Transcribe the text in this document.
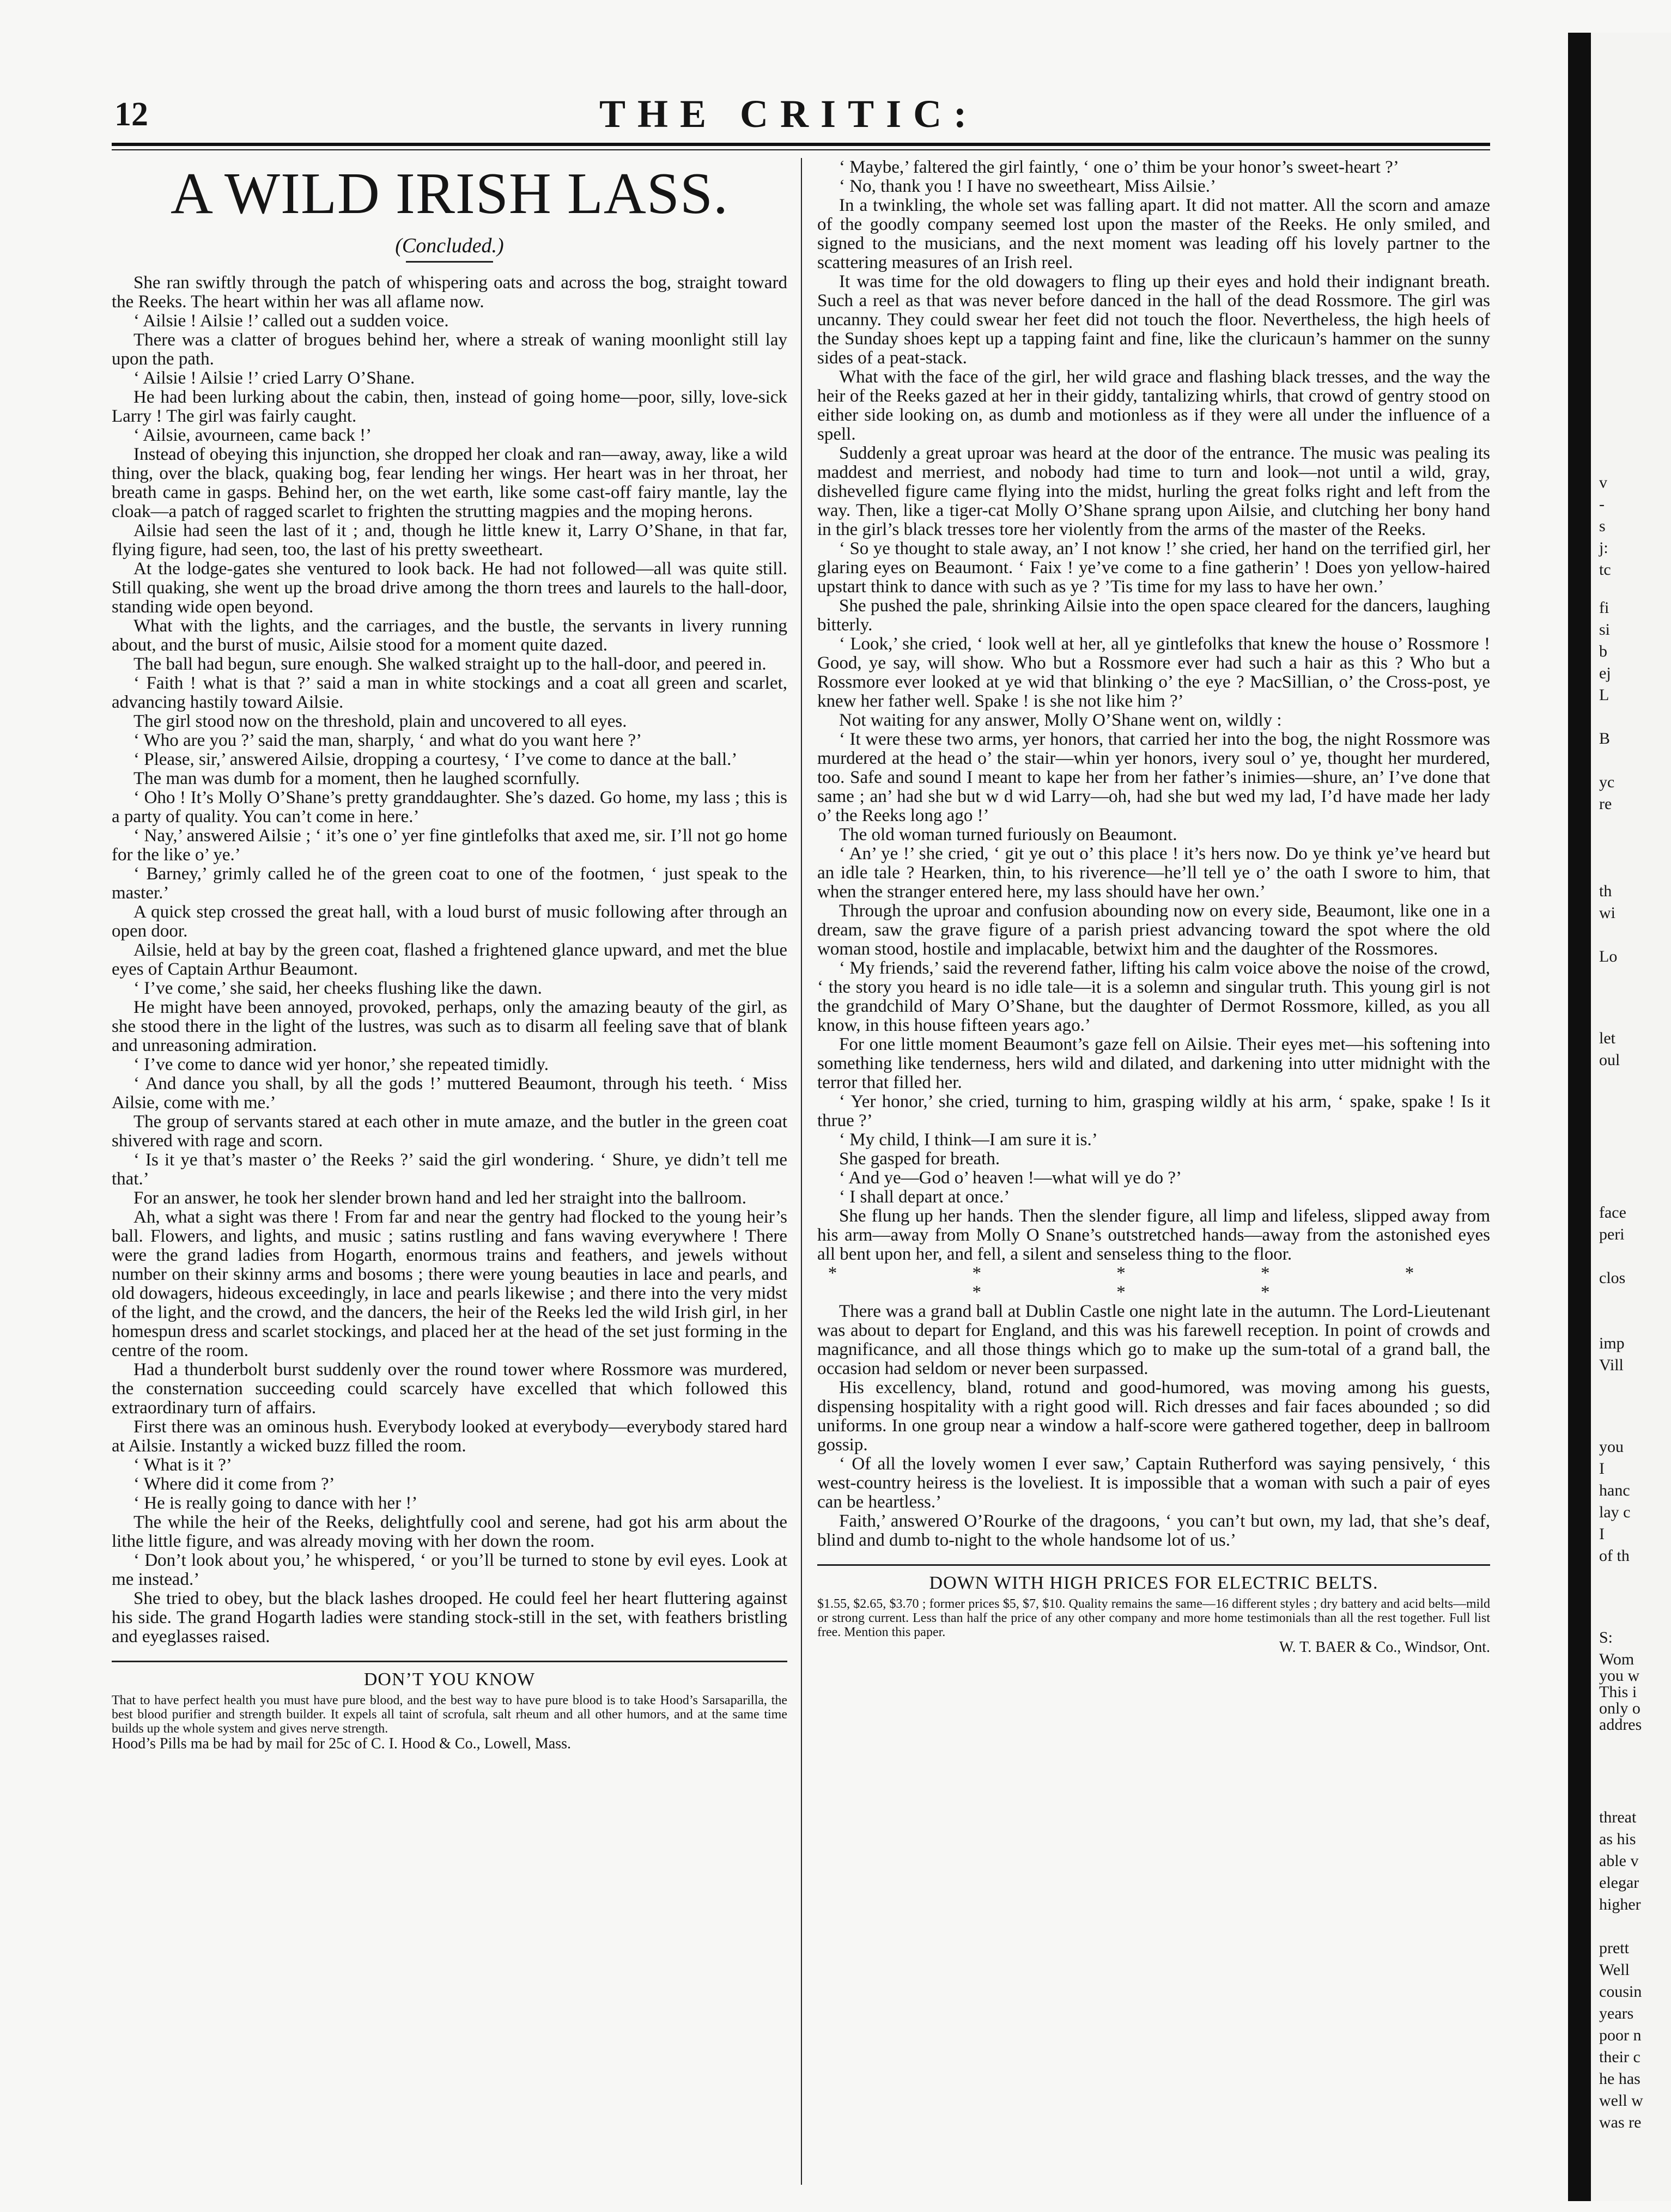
12	THE CRITIC:
A WILD IRISH LASS.
(Concluded.)

She ran swiftly through the patch of whispering oats and across the bog, straight toward the Reeks. The heart within her was all aflame now.

‘ Ailsie ! Ailsie !’ called out a sudden voice.

There was a clatter of brogues behind her, where a streak of waning moonlight still lay upon the path.

‘ Ailsie ! Ailsie !’ cried Larry O’Shane.

He had been lurking about the cabin, then, instead of going home—poor, silly, love-sick Larry ! The girl was fairly caught.

‘ Ailsie, avourneen, came back !’

Instead of obeying this injunction, she dropped her cloak and ran—away, away, like a wild thing, over the black, quaking bog, fear lending her wings. Her heart was in her throat, her breath came in gasps. Behind her, on the wet earth, like some cast-off fairy mantle, lay the cloak—a patch of ragged scarlet to frighten the strutting magpies and the moping herons.

Ailsie had seen the last of it ; and, though he little knew it, Larry O’Shane, in that far, flying figure, had seen, too, the last of his pretty sweetheart.

At the lodge-gates she ventured to look back. He had not followed—all was quite still. Still quaking, she went up the broad drive among the thorn trees and laurels to the hall-door, standing wide open beyond.

What with the lights, and the carriages, and the bustle, the servants in livery running about, and the burst of music, Ailsie stood for a moment quite dazed.

The ball had begun, sure enough. She walked straight up to the hall-door, and peered in.

‘ Faith ! what is that ?’ said a man in white stockings and a coat all green and scarlet, advancing hastily toward Ailsie.

The girl stood now on the threshold, plain and uncovered to all eyes.

‘ Who are you ?’ said the man, sharply, ‘ and what do you want here ?’

‘ Please, sir,’ answered Ailsie, dropping a courtesy, ‘ I’ve come to dance at the ball.’

The man was dumb for a moment, then he laughed scornfully.

‘ Oho ! It’s Molly O’Shane’s pretty granddaughter. She’s dazed. Go home, my lass ; this is a party of quality. You can’t come in here.’

‘ Nay,’ answered Ailsie ; ‘ it’s one o’ yer fine gintlefolks that axed me, sir. I’ll not go home for the like o’ ye.’

‘ Barney,’ grimly called he of the green coat to one of the footmen, ‘ just speak to the master.’

A quick step crossed the great hall, with a loud burst of music following after through an open door.

Ailsie, held at bay by the green coat, flashed a frightened glance upward, and met the blue eyes of Captain Arthur Beaumont.

‘ I’ve come,’ she said, her cheeks flushing like the dawn.

He might have been annoyed, provoked, perhaps, only the amazing beauty of the girl, as she stood there in the light of the lustres, was such as to disarm all feeling save that of blank and unreasoning admiration.

‘ I’ve come to dance wid yer honor,’ she repeated timidly.

‘ And dance you shall, by all the gods !’ muttered Beaumont, through his teeth. ‘ Miss Ailsie, come with me.’

The group of servants stared at each other in mute amaze, and the butler in the green coat shivered with rage and scorn.

‘ Is it ye that’s master o’ the Reeks ?’ said the girl wondering. ‘ Shure, ye didn’t tell me that.’

For an answer, he took her slender brown hand and led her straight into the ballroom.

Ah, what a sight was there ! From far and near the gentry had flocked to the young heir’s ball. Flowers, and lights, and music ; satins rustling and fans waving everywhere ! There were the grand ladies from Hogarth, enormous trains and feathers, and jewels without number on their skinny arms and bosoms ; there were young beauties in lace and pearls, and old dowagers, hideous exceedingly, in lace and pearls likewise ; and there into the very midst of the light, and the crowd, and the dancers, the heir of the Reeks led the wild Irish girl, in her homespun dress and scarlet stockings, and placed her at the head of the set just forming in the centre of the room.

Had a thunderbolt burst suddenly over the round tower where Rossmore was murdered, the consternation succeeding could scarcely have excelled that which followed this extraordinary turn of affairs.

First there was an ominous hush. Everybody looked at everybody—everybody stared hard at Ailsie. Instantly a wicked buzz filled the room.

‘ What is it ?’

‘ Where did it come from ?’

‘ He is really going to dance with her !’

The while the heir of the Reeks, delightfully cool and serene, had got his arm about the lithe little figure, and was already moving with her down the room.

‘ Don’t look about you,’ he whispered, ‘ or you’ll be turned to stone by evil eyes. Look at me instead.’

She tried to obey, but the black lashes drooped. He could feel her heart fluttering against his side. The grand Hogarth ladies were standing stock-still in the set, with feathers bristling and eyeglasses raised.

DON’T YOU KNOW
That to have perfect health you must have pure blood, and the best way to have pure blood is to take Hood’s Sarsaparilla, the best blood purifier and strength builder. It expels all taint of scrofula, salt rheum and all other humors, and at the same time builds up the whole system and gives nerve strength.
Hood’s Pills ma be had by mail for 25c of C. I. Hood & Co., Lowell, Mass.

‘ Maybe,’ faltered the girl faintly, ‘ one o’ thim be your honor’s sweet-heart ?’

‘ No, thank you ! I have no sweetheart, Miss Ailsie.’

In a twinkling, the whole set was falling apart. It did not matter. All the scorn and amaze of the goodly company seemed lost upon the master of the Reeks. He only smiled, and signed to the musicians, and the next moment was leading off his lovely partner to the scattering measures of an Irish reel.

It was time for the old dowagers to fling up their eyes and hold their indignant breath. Such a reel as that was never before danced in the hall of the dead Rossmore. The girl was uncanny. They could swear her feet did not touch the floor. Nevertheless, the high heels of the Sunday shoes kept up a tapping faint and fine, like the cluricaun’s hammer on the sunny sides of a peat-stack.

What with the face of the girl, her wild grace and flashing black tresses, and the way the heir of the Reeks gazed at her in their giddy, tantalizing whirls, that crowd of gentry stood on either side looking on, as dumb and motionless as if they were all under the influence of a spell.

Suddenly a great uproar was heard at the door of the entrance. The music was pealing its maddest and merriest, and nobody had time to turn and look—not until a wild, gray, dishevelled figure came flying into the midst, hurling the great folks right and left from the way. Then, like a tiger-cat Molly O’Shane sprang upon Ailsie, and clutching her bony hand in the girl’s black tresses tore her violently from the arms of the master of the Reeks.

‘ So ye thought to stale away, an’ I not know !’ she cried, her hand on the terrified girl, her glaring eyes on Beaumont. ‘ Faix ! ye’ve come to a fine gatherin’ ! Does yon yellow-haired upstart think to dance with such as ye ? ’Tis time for my lass to have her own.’

She pushed the pale, shrinking Ailsie into the open space cleared for the dancers, laughing bitterly.

‘ Look,’ she cried, ‘ look well at her, all ye gintlefolks that knew the house o’ Rossmore ! Good, ye say, will show. Who but a Rossmore ever had such a hair as this ? Who but a Rossmore ever looked at ye wid that blinking o’ the eye ? MacSillian, o’ the Cross-post, ye knew her father well. Spake ! is she not like him ?’

Not waiting for any answer, Molly O’Shane went on, wildly :

‘ It were these two arms, yer honors, that carried her into the bog, the night Rossmore was murdered at the head o’ the stair—whin yer honors, ivery soul o’ ye, thought her murdered, too. Safe and sound I meant to kape her from her father’s inimies—shure, an’ I’ve done that same ; an’ had she but w d wid Larry—oh, had she but wed my lad, I’d have made her lady o’ the Reeks long ago !’

The old woman turned furiously on Beaumont.

‘ An’ ye !’ she cried, ‘ git ye out o’ this place ! it’s hers now. Do ye think ye’ve heard but an idle tale ? Hearken, thin, to his riverence—he’ll tell ye o’ the oath I swore to him, that when the stranger entered here, my lass should have her own.’

Through the uproar and confusion abounding now on every side, Beaumont, like one in a dream, saw the grave figure of a parish priest advancing toward the spot where the old woman stood, hostile and implacable, betwixt him and the daughter of the Rossmores.

‘ My friends,’ said the reverend father, lifting his calm voice above the noise of the crowd, ‘ the story you heard is no idle tale—it is a solemn and singular truth. This young girl is not the grandchild of Mary O’Shane, but the daughter of Dermot Rossmore, killed, as you all know, in this house fifteen years ago.’

For one little moment Beaumont’s gaze fell on Ailsie. Their eyes met—his softening into something like tenderness, hers wild and dilated, and darkening into utter midnight with the terror that filled her.

‘ Yer honor,’ she cried, turning to him, grasping wildly at his arm, ‘ spake, spake ! Is it thrue ?’

‘ My child, I think—I am sure it is.’

She gasped for breath.

‘ And ye—God o’ heaven !—what will ye do ?’

‘ I shall depart at once.’

She flung up her hands. Then the slender figure, all limp and lifeless, slipped away from his arm—away from Molly O Snane’s outstretched hands—away from the astonished eyes all bent upon her, and fell, a silent and senseless thing to the floor.

* * * * * * * *

There was a grand ball at Dublin Castle one night late in the autumn. The Lord-Lieutenant was about to depart for England, and this was his farewell reception. In point of crowds and magnificance, and all those things which go to make up the sum-total of a grand ball, the occasion had seldom or never been surpassed.

His excellency, bland, rotund and good-humored, was moving among his guests, dispensing hospitality with a right good will. Rich dresses and fair faces abounded ; so did uniforms. In one group near a window a half-score were gathered together, deep in ballroom gossip.

‘ Of all the lovely women I ever saw,’ Captain Rutherford was saying pensively, ‘ this west-country heiress is the loveliest. It is impossible that a woman with such a pair of eyes can be heartless.’

Faith,’ answered O’Rourke of the dragoons, ‘ you can’t but own, my lad, that she’s deaf, blind and dumb to-night to the whole handsome lot of us.’

DOWN WITH HIGH PRICES FOR ELECTRIC BELTS.
$1.55, $2.65, $3.70 ; former prices $5, $7, $10. Quality remains the same—16 different styles ; dry battery and acid belts—mild or strong current. Less than half the price of any other company and more home testimonials than all the rest together. Full list free. Mention this paper.
W. T. BAER & Co., Windsor, Ont.
v
-
s
j:
tc
fi
si
b
ej
L
B
yc
re
th
wi
Lo
let
oul
face
peri
clos
imp
Vill
you
I
hanc
lay c
I
of th
S:
Wom
you w
This i
only o
addres
threat
as his
able v
elegar
higher
prett
Well
cousin
years
poor n
their c
he has
well w
was re
